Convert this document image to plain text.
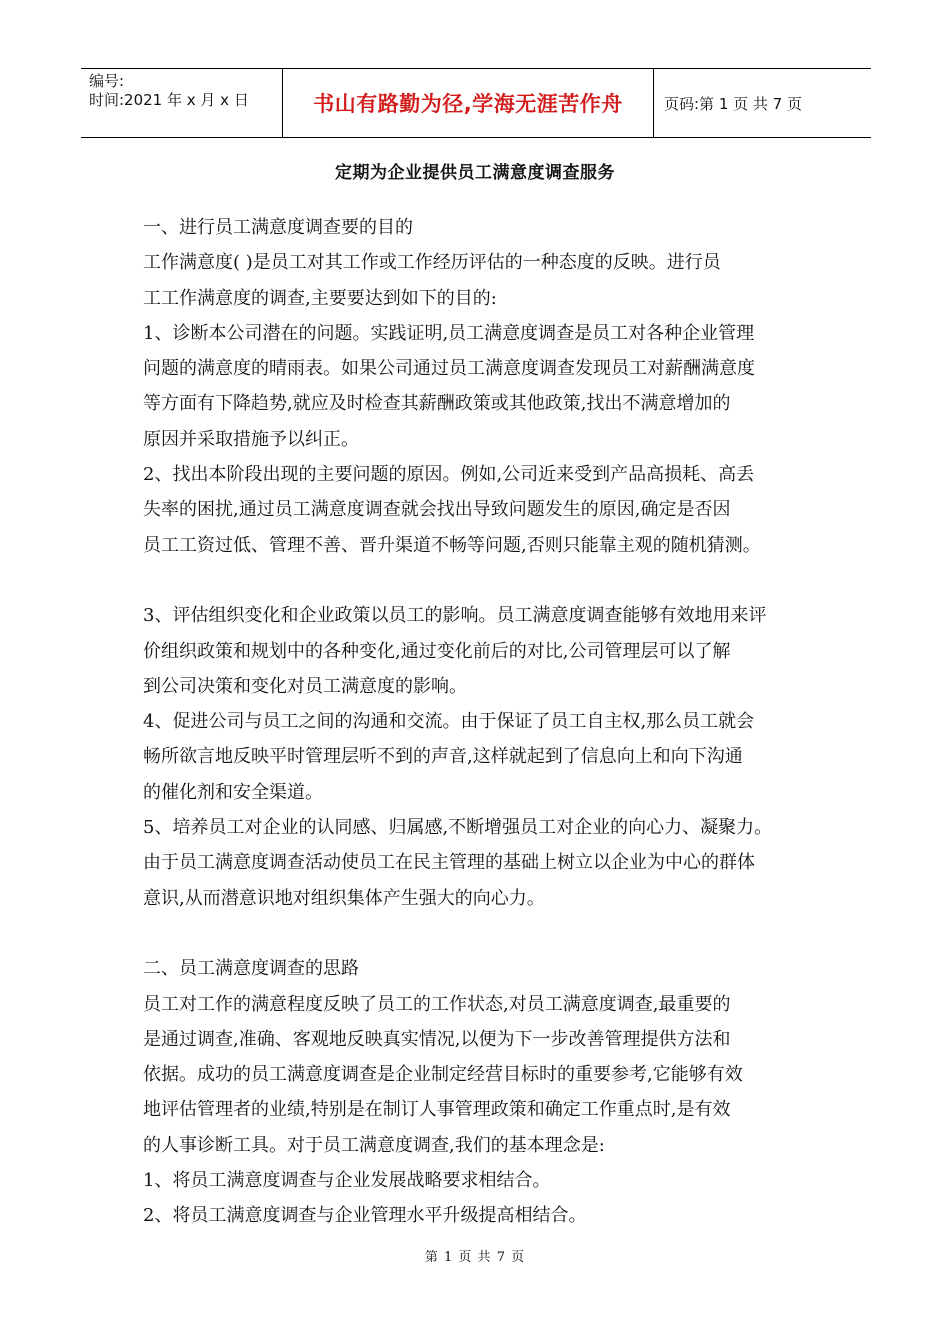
编号:
时间:2021 年 x 月 x 日	书山有路勤为径,学海无涯苦作舟	页码:第 1 页 共 7 页
定期为企业提供员工满意度调查服务
一、进行员工满意度调查要的目的
工作满意度( )是员工对其工作或工作经历评估的一种态度的反映。进行员
工工作满意度的调查,主要要达到如下的目的:
1、诊断本公司潜在的问题。实践证明,员工满意度调查是员工对各种企业管理
问题的满意度的晴雨表。如果公司通过员工满意度调查发现员工对薪酬满意度
等方面有下降趋势,就应及时检查其薪酬政策或其他政策,找出不满意增加的
原因并采取措施予以纠正。
2、找出本阶段出现的主要问题的原因。例如,公司近来受到产品高损耗、高丢
失率的困扰,通过员工满意度调查就会找出导致问题发生的原因,确定是否因
员工工资过低、管理不善、晋升渠道不畅等问题,否则只能靠主观的随机猜测。
3、评估组织变化和企业政策以员工的影响。员工满意度调查能够有效地用来评
价组织政策和规划中的各种变化,通过变化前后的对比,公司管理层可以了解
到公司决策和变化对员工满意度的影响。
4、促进公司与员工之间的沟通和交流。由于保证了员工自主权,那么员工就会
畅所欲言地反映平时管理层听不到的声音,这样就起到了信息向上和向下沟通
的催化剂和安全渠道。
5、培养员工对企业的认同感、归属感,不断增强员工对企业的向心力、凝聚力。
由于员工满意度调查活动使员工在民主管理的基础上树立以企业为中心的群体
意识,从而潜意识地对组织集体产生强大的向心力。
二、员工满意度调查的思路
员工对工作的满意程度反映了员工的工作状态,对员工满意度调查,最重要的
是通过调查,准确、客观地反映真实情况,以便为下一步改善管理提供方法和
依据。成功的员工满意度调查是企业制定经营目标时的重要参考,它能够有效
地评估管理者的业绩,特别是在制订人事管理政策和确定工作重点时,是有效
的人事诊断工具。对于员工满意度调查,我们的基本理念是:
1、将员工满意度调查与企业发展战略要求相结合。
2、将员工满意度调查与企业管理水平升级提高相结合。
第 1 页 共 7 页
